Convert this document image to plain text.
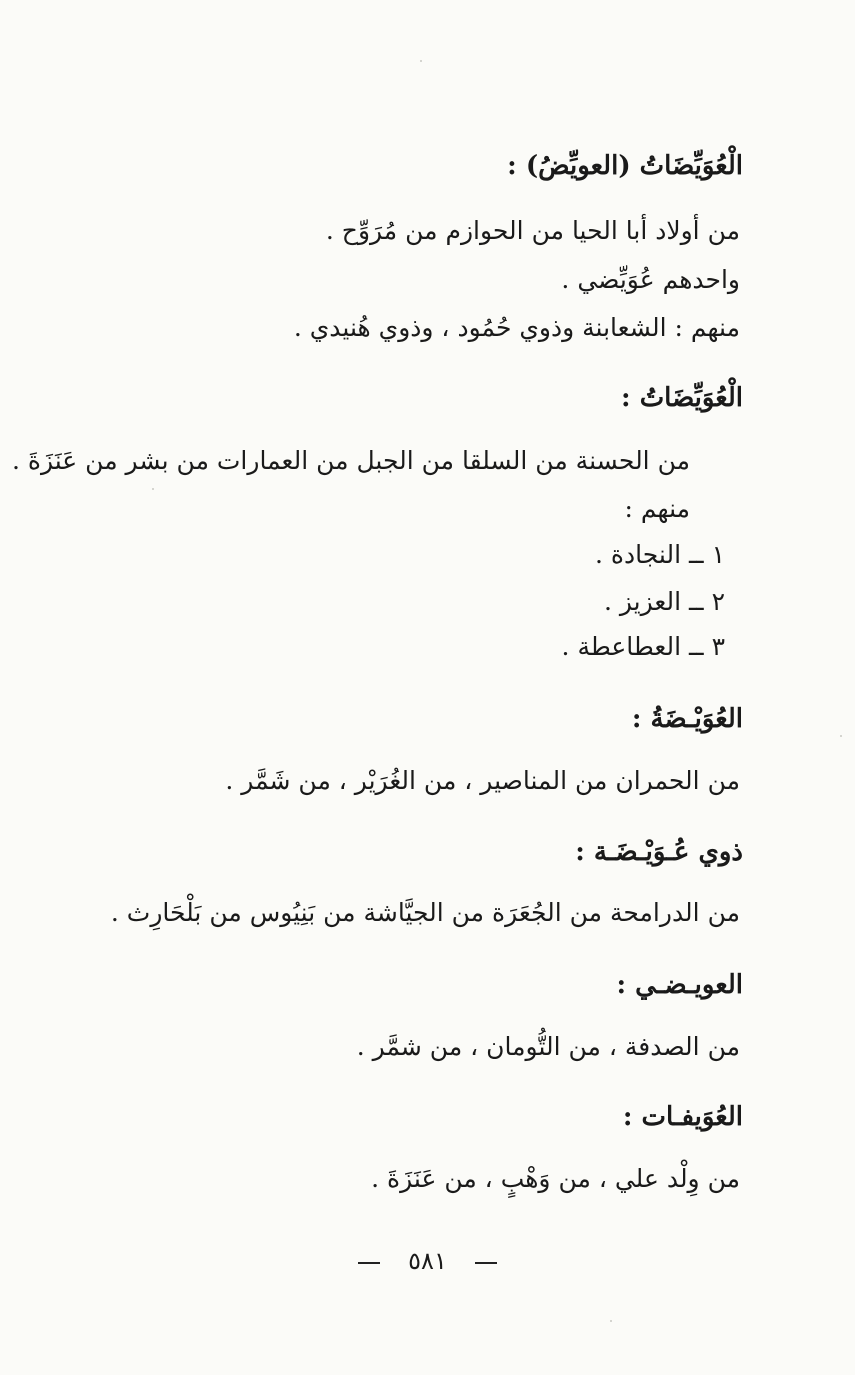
الْعُوَيِّضَاتُ (العويِّضُ) :
من أولاد أبا الحيا من الحوازم من مُرَوِّح .
واحدهم عُوَيِّضي .
منهم : الشعابنة وذوي حُمُود ، وذوي هُنيدي .
الْعُوَيِّضَاتُ :
من الحسنة من السلقا من الجبل من العمارات من بشر من عَنَزَةَ .
منهم :
١ ــ النجادة .
٢ ــ العزيز .
٣ ــ العطاعطة .
العُوَيْـضَةُ :
من الحمران من المناصير ، من الغُرَيْر ، من شَمَّر .
ذوي عُـوَيْـضَـة :
من الدرامحة من الجُعَرَة من الجيَّاشة من بَنِيُوس من بَلْحَارِث .
العويـضـي :
من الصدفة ، من التُّومان ، من شمَّر .
العُوَيفـات :
من وِلْد علي ، من وَهْبٍ ، من عَنَزَةَ .
٥٨١
